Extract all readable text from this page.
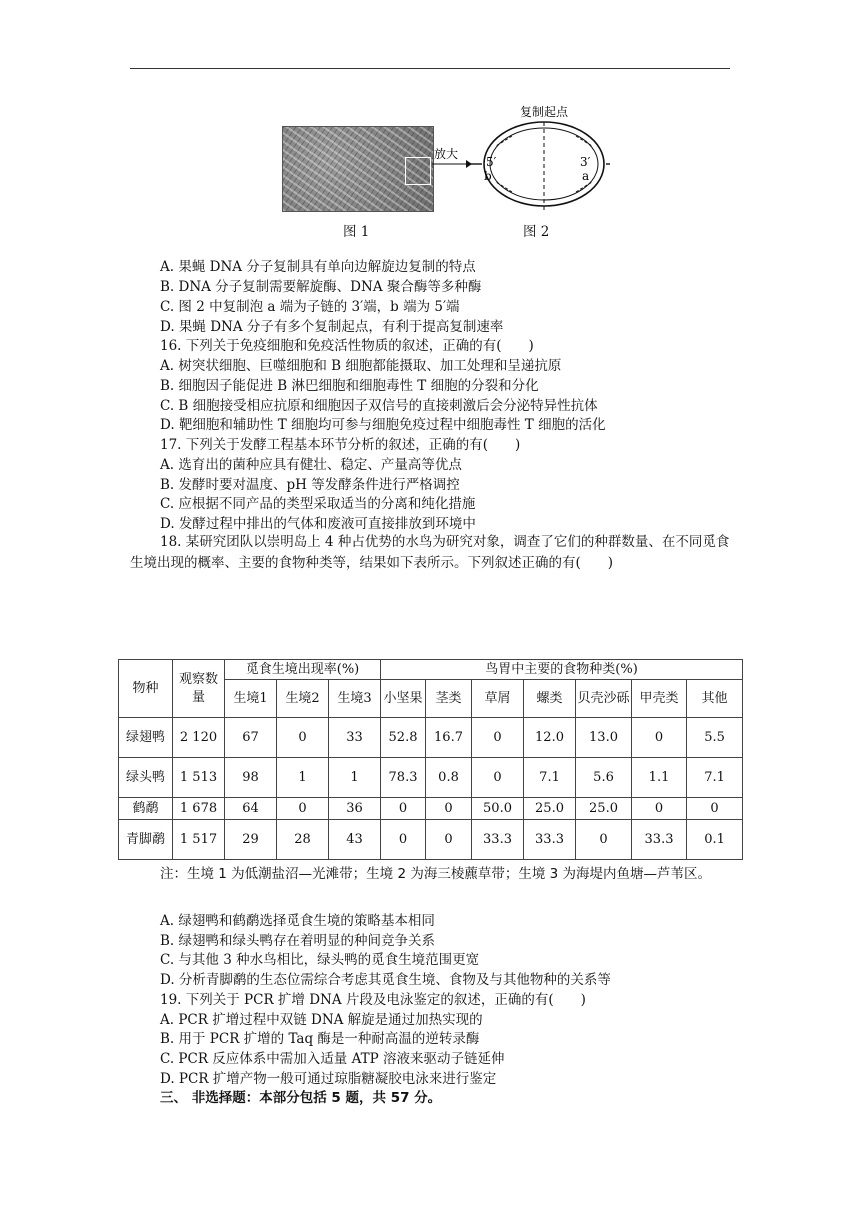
复制起点
放大
5′
b
3′
a
图 1	图 2
A. 果蝇 DNA 分子复制具有单向边解旋边复制的特点
B. DNA 分子复制需要解旋酶、DNA 聚合酶等多种酶
C. 图 2 中复制泡 a 端为子链的 3′端，b 端为 5′端
D. 果蝇 DNA 分子有多个复制起点，有利于提高复制速率
16. 下列关于免疫细胞和免疫活性物质的叙述，正确的有(　　)
A. 树突状细胞、巨噬细胞和 B 细胞都能摄取、加工处理和呈递抗原
B. 细胞因子能促进 B 淋巴细胞和细胞毒性 T 细胞的分裂和分化
C. B 细胞接受相应抗原和细胞因子双信号的直接刺激后会分泌特异性抗体
D. 靶细胞和辅助性 T 细胞均可参与细胞免疫过程中细胞毒性 T 细胞的活化
17. 下列关于发酵工程基本环节分析的叙述，正确的有(　　)
A. 选育出的菌种应具有健壮、稳定、产量高等优点
B. 发酵时要对温度、pH 等发酵条件进行严格调控
C. 应根据不同产品的类型采取适当的分离和纯化措施
D. 发酵过程中排出的气体和废液可直接排放到环境中
18. 某研究团队以崇明岛上 4 种占优势的水鸟为研究对象，调查了它们的种群数量、在不同觅食生境出现的概率、主要的食物种类等，结果如下表所示。下列叙述正确的有(　　)
物种	观察数量	觅食生境出现率(%)			鸟胃中主要的食物种类(%)						
		生境1	生境2	生境3	小坚果	茎类	草屑	螺类	贝壳沙砾	甲壳类	其他
绿翅鸭	2 120	67	0	33	52.8	16.7	0	12.0	13.0	0	5.5
绿头鸭	1 513	98	1	1	78.3	0.8	0	7.1	5.6	1.1	7.1
鹤鹬	1 678	64	0	36	0	0	50.0	25.0	25.0	0	0
青脚鹬	1 517	29	28	43	0	0	33.3	33.3	0	33.3	0.1
注：生境 1 为低潮盐沼—光滩带；生境 2 为海三棱藨草带；生境 3 为海堤内鱼塘—芦苇区。
A. 绿翅鸭和鹤鹬选择觅食生境的策略基本相同
B. 绿翅鸭和绿头鸭存在着明显的种间竞争关系
C. 与其他 3 种水鸟相比，绿头鸭的觅食生境范围更宽
D. 分析青脚鹬的生态位需综合考虑其觅食生境、食物及与其他物种的关系等
19. 下列关于 PCR 扩增 DNA 片段及电泳鉴定的叙述，正确的有(　　)
A. PCR 扩增过程中双链 DNA 解旋是通过加热实现的
B. 用于 PCR 扩增的 Taq 酶是一种耐高温的逆转录酶
C. PCR 反应体系中需加入适量 ATP 溶液来驱动子链延伸
D. PCR 扩增产物一般可通过琼脂糖凝胶电泳来进行鉴定
三、 非选择题：本部分包括 5 题，共 57 分。
